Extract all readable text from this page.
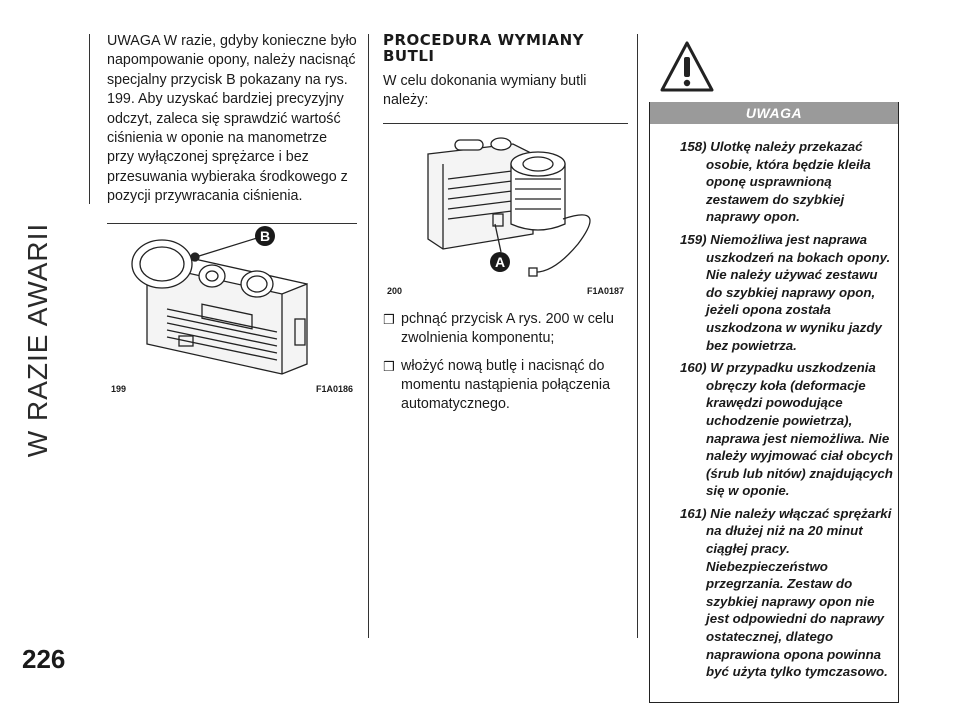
W RAZIE AWARII
226

UWAGA W razie, gdyby konieczne było napompowanie opony, należy nacisnąć specjalny przycisk B pokazany na rys. 199. Aby uzyskać bardziej precyzyjny odczyt, zaleca się sprawdzić wartość ciśnienia w oponie na manometrze przy wyłączonej sprężarce i bez przesuwania wybieraka środkowego z pozycji przywracania ciśnienia.

B
199	F1A0186
PROCEDURA WYMIANY BUTLI

W celu dokonania wymiany butli należy:

A
200	F1A0187
❒ pchnąć przycisk A rys. 200 w celu zwolnienia komponentu;
❒ włożyć nową butlę i nacisnąć do momentu nastąpienia połączenia automatycznego.
UWAGA

158) Ulotkę należy przekazać osobie, która będzie kleiła oponę usprawnioną zestawem do szybkiej naprawy opon.

159) Niemożliwa jest naprawa uszkodzeń na bokach opony. Nie należy używać zestawu do szybkiej naprawy opon, jeżeli opona została uszkodzona w wyniku jazdy bez powietrza.

160) W przypadku uszkodzenia obręczy koła (deformacje krawędzi powodujące uchodzenie powietrza), naprawa jest niemożliwa. Nie należy wyjmować ciał obcych (śrub lub nitów) znajdujących się w oponie.

161) Nie należy włączać sprężarki na dłużej niż na 20 minut ciągłej pracy. Niebezpieczeństwo przegrzania. Zestaw do szybkiej naprawy opon nie jest odpowiedni do naprawy ostatecznej, dlatego naprawiona opona powinna być użyta tylko tymczasowo.
